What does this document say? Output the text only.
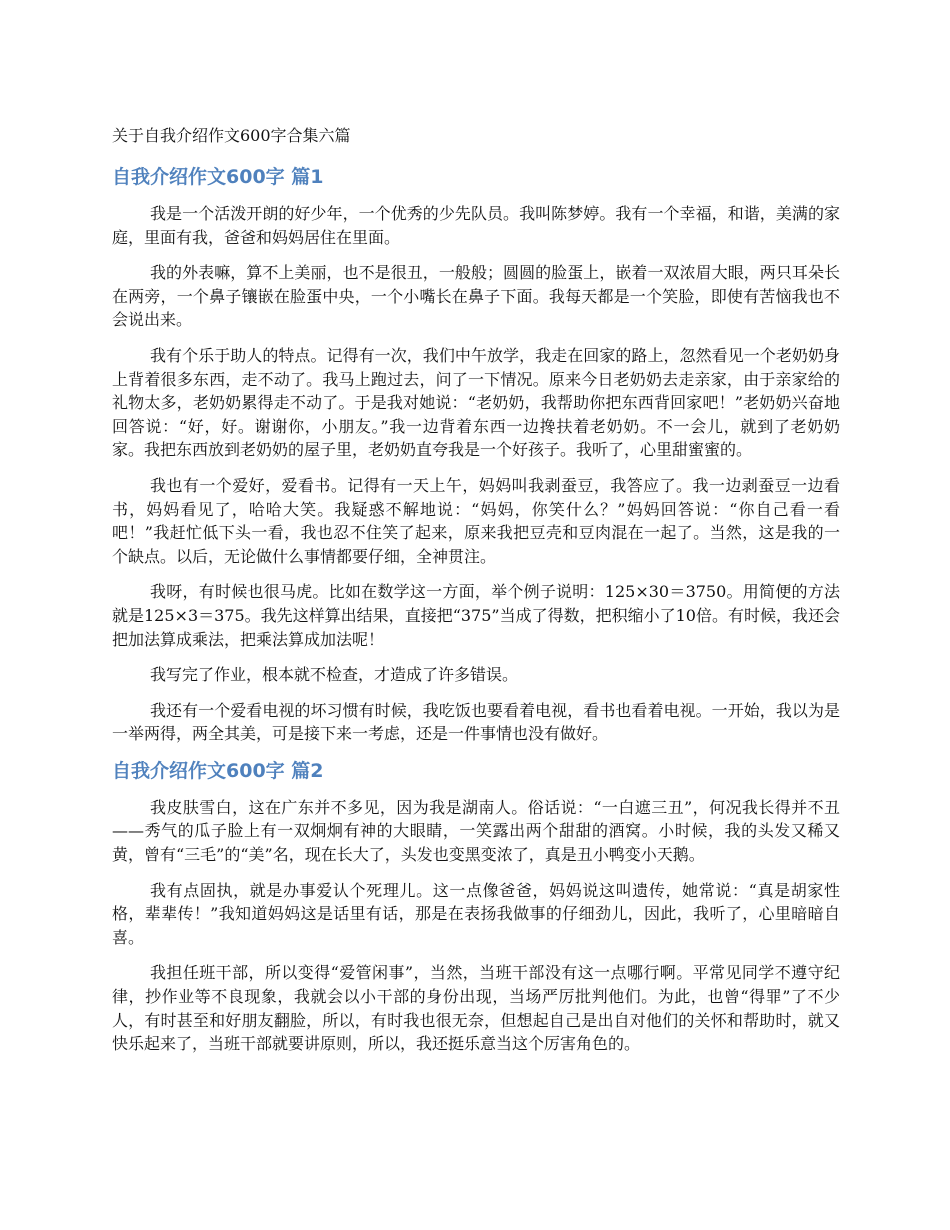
关于自我介绍作文600字合集六篇
自我介绍作文600字 篇1

我是一个活泼开朗的好少年，一个优秀的少先队员。我叫陈梦婷。我有一个幸福，和谐，美满的家庭，里面有我，爸爸和妈妈居住在里面。

我的外表嘛，算不上美丽，也不是很丑，一般般；圆圆的脸蛋上，嵌着一双浓眉大眼，两只耳朵长在两旁，一个鼻子镶嵌在脸蛋中央，一个小嘴长在鼻子下面。我每天都是一个笑脸，即使有苦恼我也不会说出来。

我有个乐于助人的特点。记得有一次，我们中午放学，我走在回家的路上，忽然看见一个老奶奶身上背着很多东西，走不动了。我马上跑过去，问了一下情况。原来今日老奶奶去走亲家，由于亲家给的礼物太多，老奶奶累得走不动了。于是我对她说：“老奶奶，我帮助你把东西背回家吧！”老奶奶兴奋地回答说：“好，好。谢谢你，小朋友。”我一边背着东西一边搀扶着老奶奶。不一会儿，就到了老奶奶家。我把东西放到老奶奶的屋子里，老奶奶直夸我是一个好孩子。我听了，心里甜蜜蜜的。

我也有一个爱好，爱看书。记得有一天上午，妈妈叫我剥蚕豆，我答应了。我一边剥蚕豆一边看书，妈妈看见了，哈哈大笑。我疑惑不解地说：“妈妈，你笑什么？”妈妈回答说：“你自己看一看吧！”我赶忙低下头一看，我也忍不住笑了起来，原来我把豆壳和豆肉混在一起了。当然，这是我的一个缺点。以后，无论做什么事情都要仔细，全神贯注。

我呀，有时候也很马虎。比如在数学这一方面，举个例子说明：125×30＝3750。用简便的方法就是125×3＝375。我先这样算出结果，直接把“375”当成了得数，把积缩小了10倍。有时候，我还会把加法算成乘法，把乘法算成加法呢！

我写完了作业，根本就不检查，才造成了许多错误。

我还有一个爱看电视的坏习惯有时候，我吃饭也要看着电视，看书也看着电视。一开始，我以为是一举两得，两全其美，可是接下来一考虑，还是一件事情也没有做好。

自我介绍作文600字 篇2

我皮肤雪白，这在广东并不多见，因为我是湖南人。俗话说：“一白遮三丑”，何况我长得并不丑——秀气的瓜子脸上有一双炯炯有神的大眼睛，一笑露出两个甜甜的酒窝。小时候，我的头发又稀又黄，曾有“三毛”的“美”名，现在长大了，头发也变黑变浓了，真是丑小鸭变小天鹅。

我有点固执，就是办事爱认个死理儿。这一点像爸爸，妈妈说这叫遗传，她常说：“真是胡家性格，辈辈传！”我知道妈妈这是话里有话，那是在表扬我做事的仔细劲儿，因此，我听了，心里暗暗自喜。

我担任班干部，所以变得“爱管闲事”，当然，当班干部没有这一点哪行啊。平常见同学不遵守纪律，抄作业等不良现象，我就会以小干部的身份出现，当场严厉批判他们。为此，也曾“得罪”了不少人，有时甚至和好朋友翻脸，所以，有时我也很无奈，但想起自己是出自对他们的关怀和帮助时，就又快乐起来了，当班干部就要讲原则，所以，我还挺乐意当这个厉害角色的。
